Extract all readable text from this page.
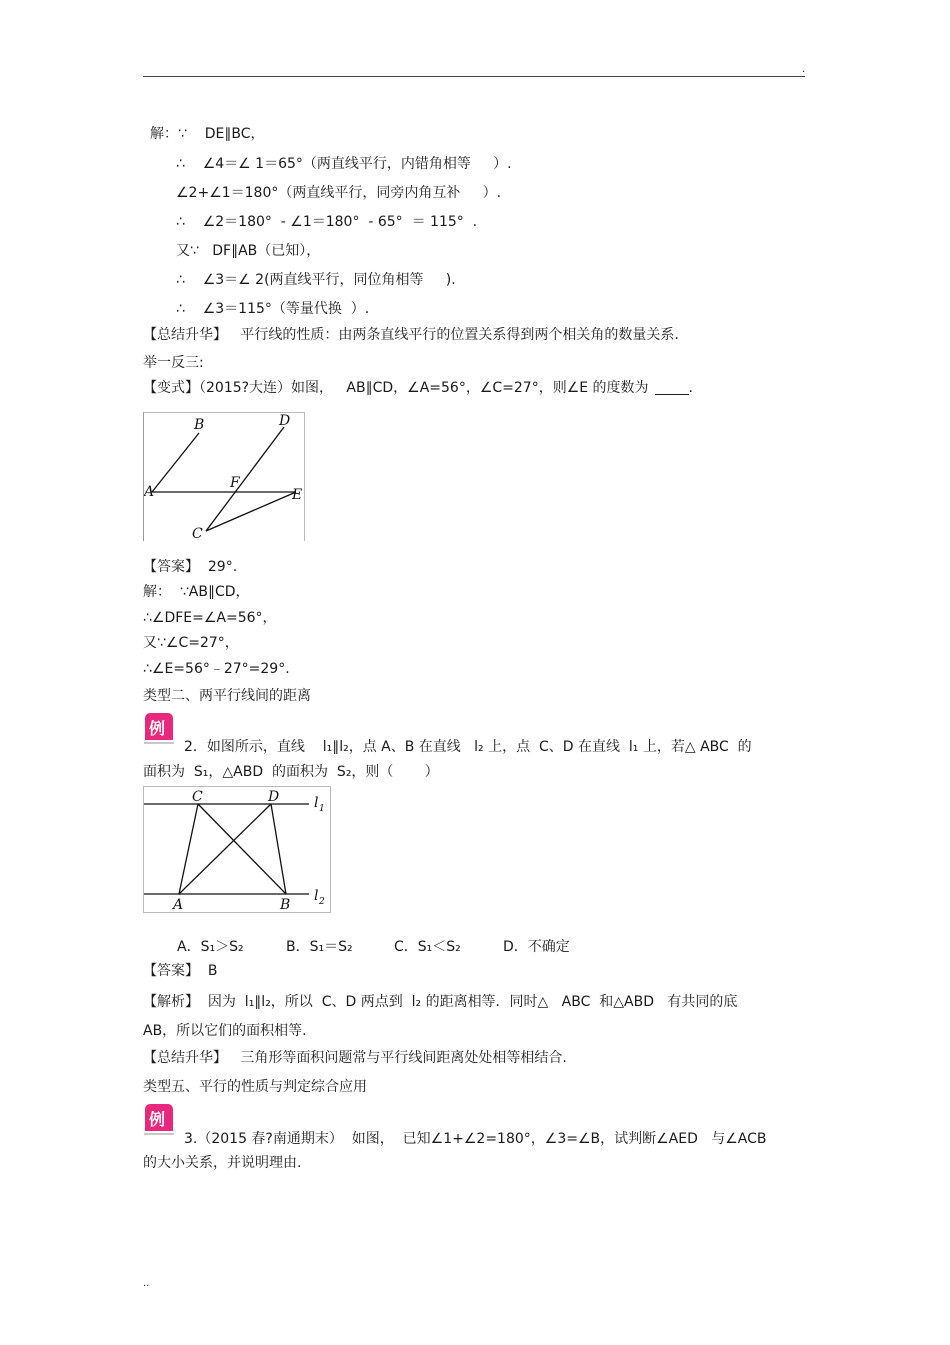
.
解：∵    DE∥BC，
∴    ∠4＝∠ 1＝65°（两直线平行，内错角相等     ）.
∠2+∠1＝180°（两直线平行，同旁内角互补     ）.
∴    ∠2＝180°  - ∠1＝180°  - 65°  ＝ 115°  .
又∵   DF∥AB（已知），
∴    ∠3＝∠ 2(两直线平行，同位角相等     ).
∴    ∠3＝115°（等量代换  ）.
【总结升华】   平行线的性质：由两条直线平行的位置关系得到两个相关角的数量关系.
举一反三:
【变式】（2015?大连）如图，   AB∥CD，∠A=56°，∠C=27°，则∠E 的度数为	.
A
B
C
D
E
F
【答案】  29°.
解：  ∵AB∥CD，
∴∠DFE=∠A=56°，
又∵∠C=27°，
∴∠E=56°﹣27°=29°.
类型二、两平行线间的距离
例
2．如图所示，直线    l₁∥l₂，点 A、B 在直线   l₂ 上，点  C、D 在直线  l₁ 上，若△ ABC  的
面积为  S₁，△ABD  的面积为  S₂，则（       ）
C	D
A	B
l 1
l 2
A．S₁＞S₂	B．S₁＝S₂	C．S₁＜S₂	D．不确定
【答案】  B
【解析】  因为  l₁∥l₂，所以  C、D 两点到  l₂ 的距离相等．同时△   ABC  和△ABD   有共同的底
AB，所以它们的面积相等.
【总结升华】   三角形等面积问题常与平行线间距离处处相等相结合.
类型五、平行的性质与判定综合应用
例
3.（2015 春?南通期末）  如图，  已知∠1+∠2=180°，∠3=∠B，试判断∠AED   与∠ACB
的大小关系，并说明理由.
..
